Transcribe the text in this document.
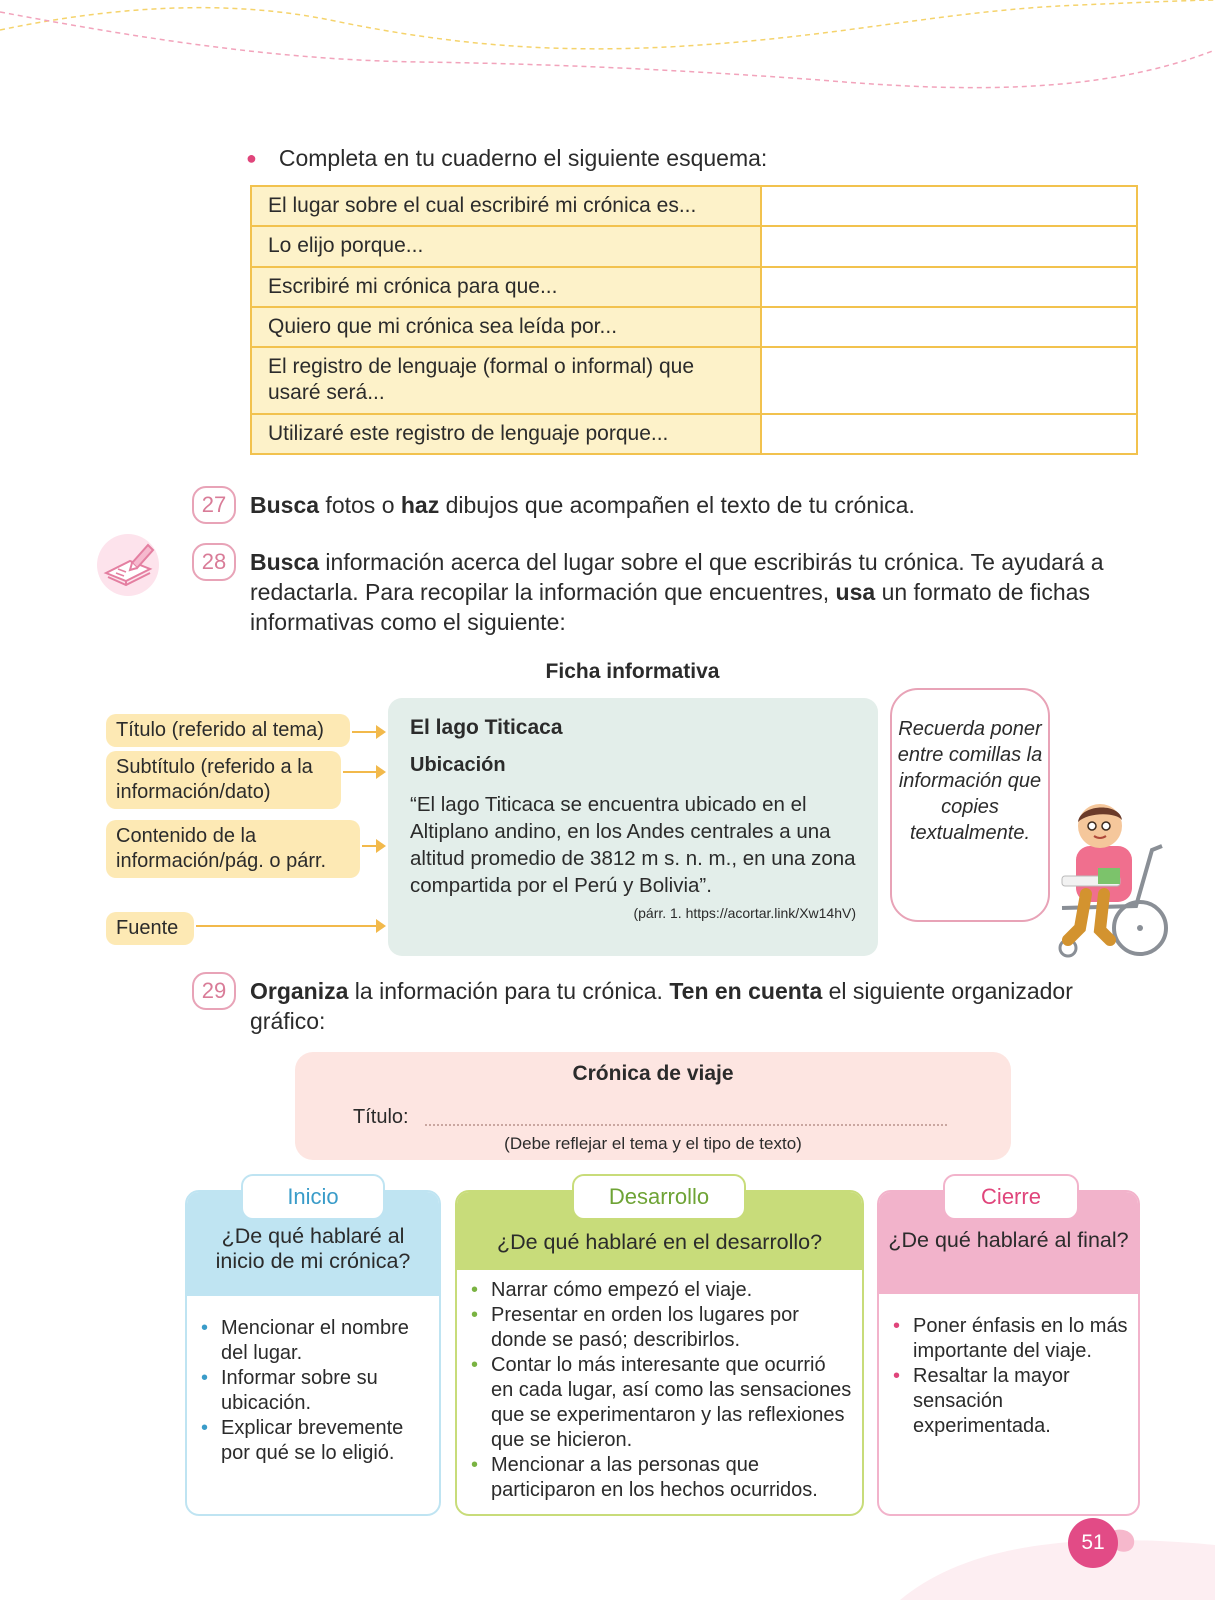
● Completa en tu cuaderno el siguiente esquema:
El lugar sobre el cual escribiré mi crónica es...	
Lo elijo porque...	
Escribiré mi crónica para que...	
Quiero que mi crónica sea leída por...	
El registro de lenguaje (formal o informal) que usaré será...	
Utilizaré este registro de lenguaje porque...	
27	Busca fotos o haz dibujos que acompañen el texto de tu crónica.
28	Busca información acerca del lugar sobre el que escribirás tu crónica. Te ayudará a redactarla. Para recopilar la información que encuentres, usa un formato de fichas informativas como el siguiente:
Ficha informativa
Título (referido al tema)
Subtítulo (referido a la información/dato)
Contenido de la información/pág. o párr.
Fuente
El lago Titicaca
Ubicación
“El lago Titicaca se encuentra ubicado en el Altiplano andino, en los Andes centrales a una altitud promedio de 3812 m s. n. m., en una zona compartida por el Perú y Bolivia”.
(párr. 1. https://acortar.link/Xw14hV)
Recuerda poner entre comillas la información que copies textualmente.
29	Organiza la información para tu crónica. Ten en cuenta el siguiente organizador gráfico:
Crónica de viaje
Título:
(Debe reflejar el tema y el tipo de texto)
Inicio
¿De qué hablaré al inicio de mi crónica?
• Mencionar el nombre del lugar.
• Informar sobre su ubicación.
• Explicar brevemente por qué se lo eligió.
Desarrollo
¿De qué hablaré en el desarrollo?
• Narrar cómo empezó el viaje.
• Presentar en orden los lugares por donde se pasó; describirlos.
• Contar lo más interesante que ocurrió en cada lugar, así como las sensaciones que se experimentaron y las reflexiones que se hicieron.
• Mencionar a las personas que participaron en los hechos ocurridos.
Cierre
¿De qué hablaré al final?
• Poner énfasis en lo más importante del viaje.
• Resaltar la mayor sensación experimentada.
51
